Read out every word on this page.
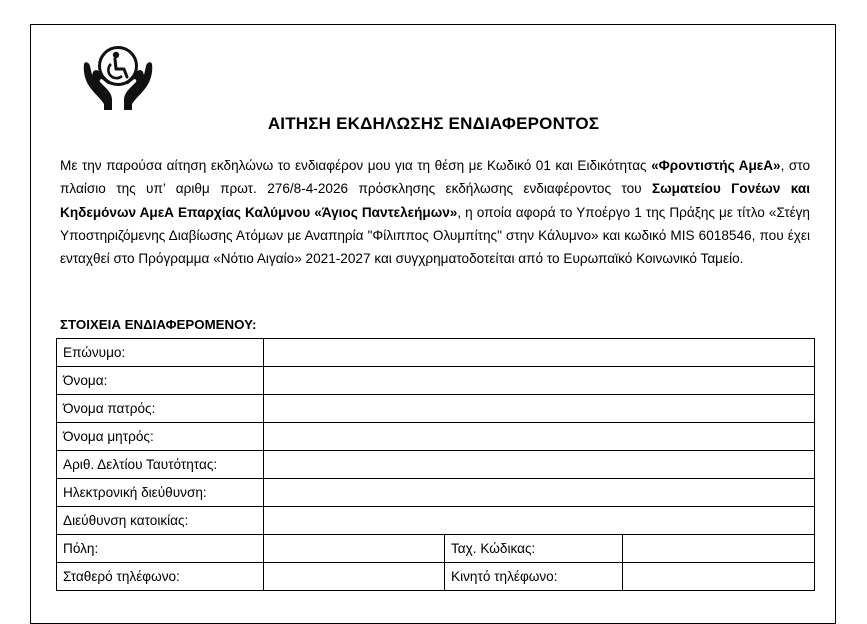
ΑΙΤΗΣΗ ΕΚΔΗΛΩΣΗΣ ΕΝΔΙΑΦΕΡΟΝΤΟΣ

Με την παρούσα αίτηση εκδηλώνω το ενδιαφέρον μου για τη θέση με Κωδικό 01 και Ειδικότητας «Φροντιστής ΑμεΑ», στο πλαίσιο της υπ’ αριθμ πρωτ. 276/8-4-2026 πρόσκλησης εκδήλωσης ενδιαφέροντος του Σωματείου Γονέων και Κηδεμόνων ΑμεΑ Επαρχίας Καλύμνου «Άγιος Παντελεήμων», η οποία αφορά το Υποέργο 1 της Πράξης με τίτλο «Στέγη Υποστηριζόμενης Διαβίωσης Ατόμων με Αναπηρία "Φίλιππος Ολυμπίτης" στην Κάλυμνο» και κωδικό MIS 6018546, που έχει ενταχθεί στο Πρόγραμμα «Νότιο Αιγαίο» 2021-2027 και συγχρηματοδοτείται από το Ευρωπαϊκό Κοινωνικό Ταμείο.

ΣΤΟΙΧΕΙΑ ΕΝΔΙΑΦΕΡΟΜΕΝΟΥ:
Επώνυμο:			
Όνομα:			
Όνομα πατρός:			
Όνομα μητρός:			
Αριθ. Δελτίου Ταυτότητας:			
Ηλεκτρονική διεύθυνση:			
Διεύθυνση κατοικίας:			
Πόλη:		Ταχ. Κώδικας:	
Σταθερό τηλέφωνο:		Κινητό τηλέφωνο:	
